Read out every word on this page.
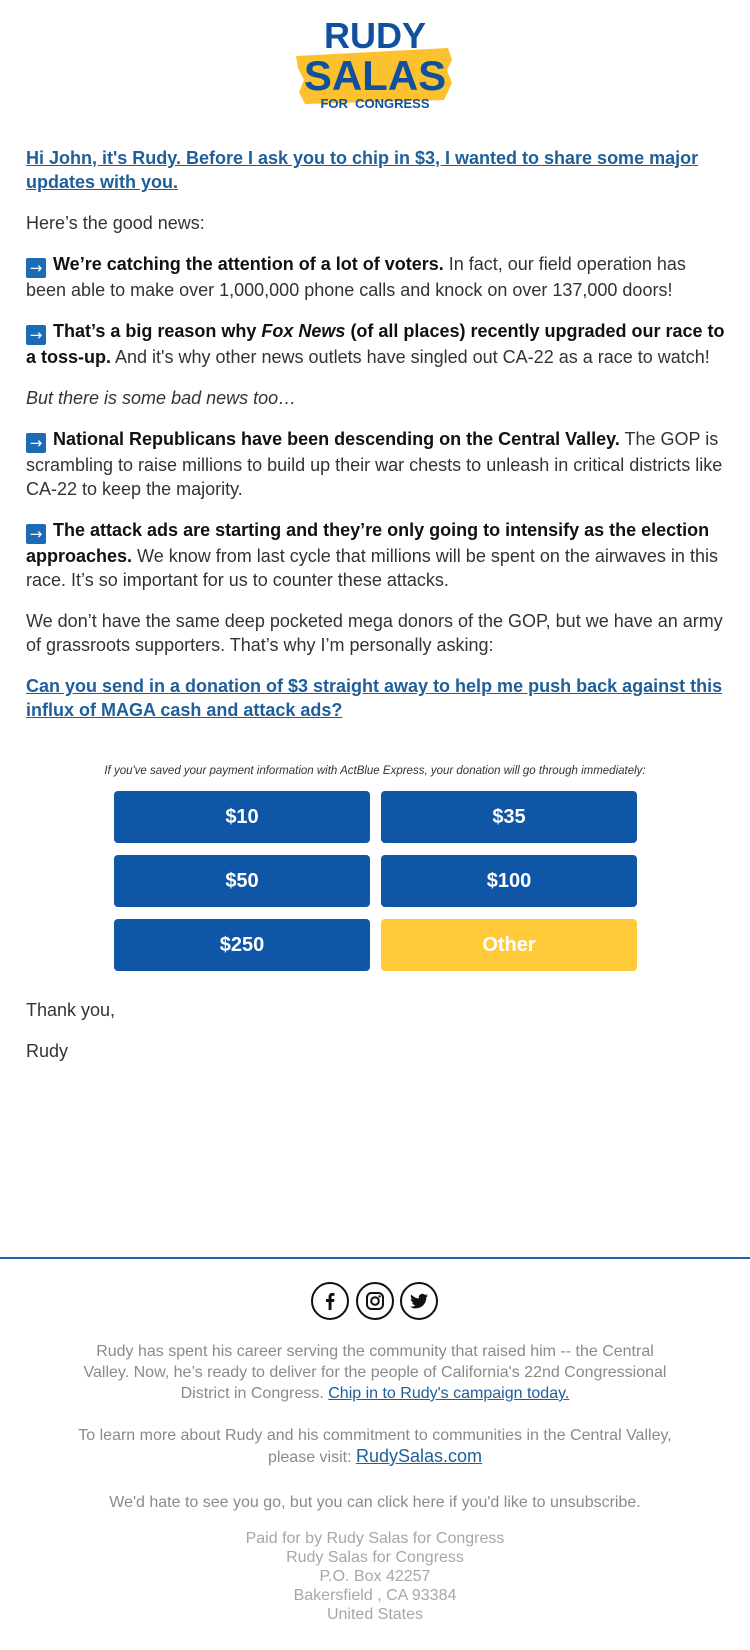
RUDY
SALAS
FOR  CONGRESS

Hi John, it's Rudy. Before I ask you to chip in $3, I wanted to share some major updates with you.

Here’s the good news:

→ We’re catching the attention of a lot of voters. In fact, our field operation has been able to make over 1,000,000 phone calls and knock on over 137,000 doors!

→ That’s a big reason why Fox News (of all places) recently upgraded our race to a toss-up. And it's why other news outlets have singled out CA-22 as a race to watch!

But there is some bad news too…

→ National Republicans have been descending on the Central Valley. The GOP is scrambling to raise millions to build up their war chests to unleash in critical districts like CA-22 to keep the majority.

→ The attack ads are starting and they’re only going to intensify as the election approaches. We know from last cycle that millions will be spent on the airwaves in this race. It’s so important for us to counter these attacks.

We don’t have the same deep pocketed mega donors of the GOP, but we have an army of grassroots supporters. That’s why I’m personally asking:

Can you send in a donation of $3 straight away to help me push back against this influx of MAGA cash and attack ads?

If you've saved your payment information with ActBlue Express, your donation will go through immediately:
$10	$35
$50	$100
$250	Other
Thank you,
Rudy
Rudy has spent his career serving the community that raised him -- the Central Valley. Now, he’s ready to deliver for the people of California's 22nd Congressional District in Congress. Chip in to Rudy's campaign today.
To learn more about Rudy and his commitment to communities in the Central Valley, please visit: RudySalas.com
We'd hate to see you go, but you can click here if you'd like to unsubscribe.
Paid for by Rudy Salas for Congress
Rudy Salas for Congress
P.O. Box 42257
Bakersfield , CA 93384
United States
